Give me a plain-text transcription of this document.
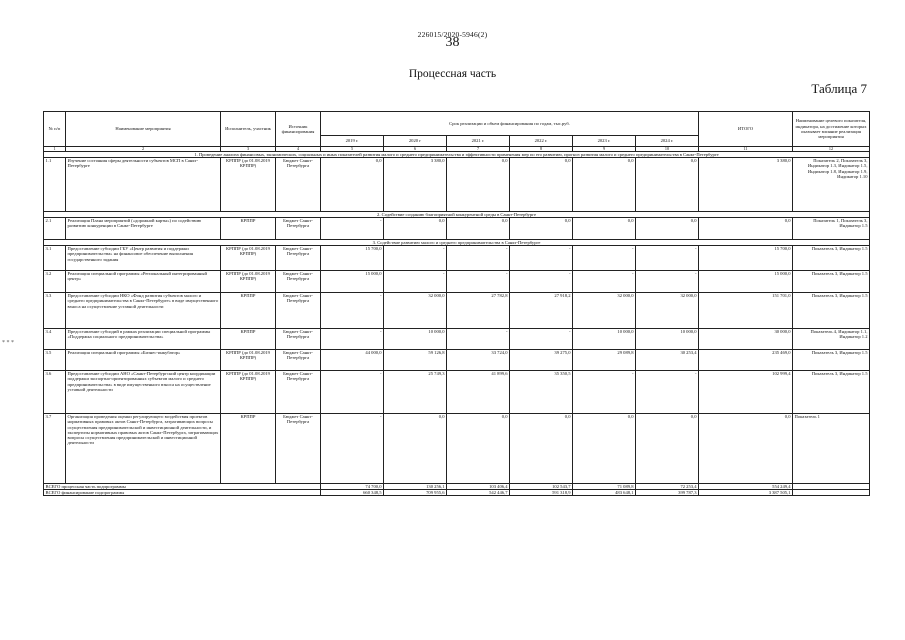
226015/2020-5946(2)
38
Процессная часть
Таблица 7
* * *
№ п/п	Наименование мероприятия	Исполнитель, участник	Источник финансирования	Срок реализации и объем финансирования по годам, тыс.руб.						ИТОГО	Наименование целевого показателя, индикатора, на достижение которых оказывает влияние реализация мероприятия
				2019 г.	2020 г	2021 г.	2022 г.	2023 г.	2024 г.		
1	2	3	4	5	6	7	8	9	10	11	12
1. Проведение анализа финансовых, экономических, социальных и иных показателей развития малого и среднего предпринимательства и эффективности применения мер по его развитию, прогноз развития малого и среднего предпринимательства в Санкт-Петербурге											
1.1	Изучение состояния сферы деятельности субъектов МСП в Санкт-Петербурге	КРППР (до 01.08.2019 КРППР)	Бюджет Санкт-Петербурга	0,0	3 380,0	0,0	0,0	0,0	0,0	3 380,0	Показатель 2, Показатель 3, Индикатор 1.3, Индикатор 1.5, Индикатор 1.8, Индикатор 1.9, Индикатор 1.10
2. Содействие созданию благоприятной конкурентной среды в Санкт-Петербурге											
2.1	Реализация Плана мероприятий («дорожной карты») по содействию развитию конкуренции в Санкт-Петербурге	КРППР	Бюджет Санкт-Петербурга	-	0,0	0,0	0,0	0,0	0,0	0,0	Показатель 1, Показатель 3, Индикатор 1.5
3. Содействие развитию малого и среднего предпринимательства в Санкт-Петербурге											
3.1	Предоставление субсидии ГБУ «Центр развития и поддержки предпринимательства» на финансовое обеспечение выполнения государственного задания	КРППР (до 01.08.2019 КРППР)	Бюджет Санкт-Петербурга	15 700,0	-	-	-	-	-	15 700,0	Показатель 3, Индикатор 1.5
3.2	Реализация специальной программы «Региональный интегрированный центр»	КРППР (до 01.08.2019 КРППР)	Бюджет Санкт-Петербурга	15 000,0	-	-	-	-	-	15 000,0	Показатель 3, Индикатор 1.5
3.3	Предоставление субсидии НКО «Фонд развития субъектов малого и среднего предпринимательства в Санкт-Петербурге» в виде имущественного взноса на осуществление уставной деятельности	КРППР	Бюджет Санкт-Петербурга	-	32 000,0	27 782,8	27 918,2	32 000,0	32 000,0	151 701,0	Показатель 3, Индикатор 1.5
3.4	Предоставление субсидий в рамках реализации специальной программы «Поддержка социального предпринимательства»	КРППР	Бюджет Санкт-Петербурга	-	10 000,0	-	-	10 000,0	10 000,0	30 000,0	Показатель 4, Индикатор 1.1, Индикатор 1.2
3.5	Реализация специальной программы «Бизнес-инкубатор»	КРППР (до 01.08.2019 КРППР)	Бюджет Санкт-Петербурга	44 000,0	59 126,8	33 724,0	39 275,0	29 089,8	30 253,4	235 469,0	Показатель 3, Индикатор 1.5
3.6	Предоставление субсидии АНО «Санкт-Петербургский центр координации поддержки экспортно-ориентированных субъектов малого и среднего предпринимательства» в виде имущественного взноса на осуществление уставной деятельности	КРППР (до 01.08.2019 КРППР)	Бюджет Санкт-Петербурга	-	25 749,3	41 899,6	35 350,5	-	-	102 999,4	Показатель 3, Индикатор 1.5
3.7	Организация проведения оценки регулирующего воздействия проектов нормативных правовых актов Санкт-Петербурга, затрагивающих вопросы осуществления предпринимательской и инвестиционной деятельности, и экспертизы нормативных правовых актов Санкт-Петербурга, затрагивающих вопросы осуществления предпринимательской и инвестиционной деятельности	КРППР	Бюджет Санкт-Петербурга	-	0,0	0,0	0,0	0,0	0,0	0,0	Показатель 1
ВСЕГО процессная часть подпрограммы				74 700,0	130 256,1	103 406,4	102 543,7	71 089,8	72 253,4	554 249,4	
ВСЕГО финансирование подпрограммы				660 348,5	709 955,6	542 446,7	591 318,9	483 648,1	399 787,3	3 387 505,1	
